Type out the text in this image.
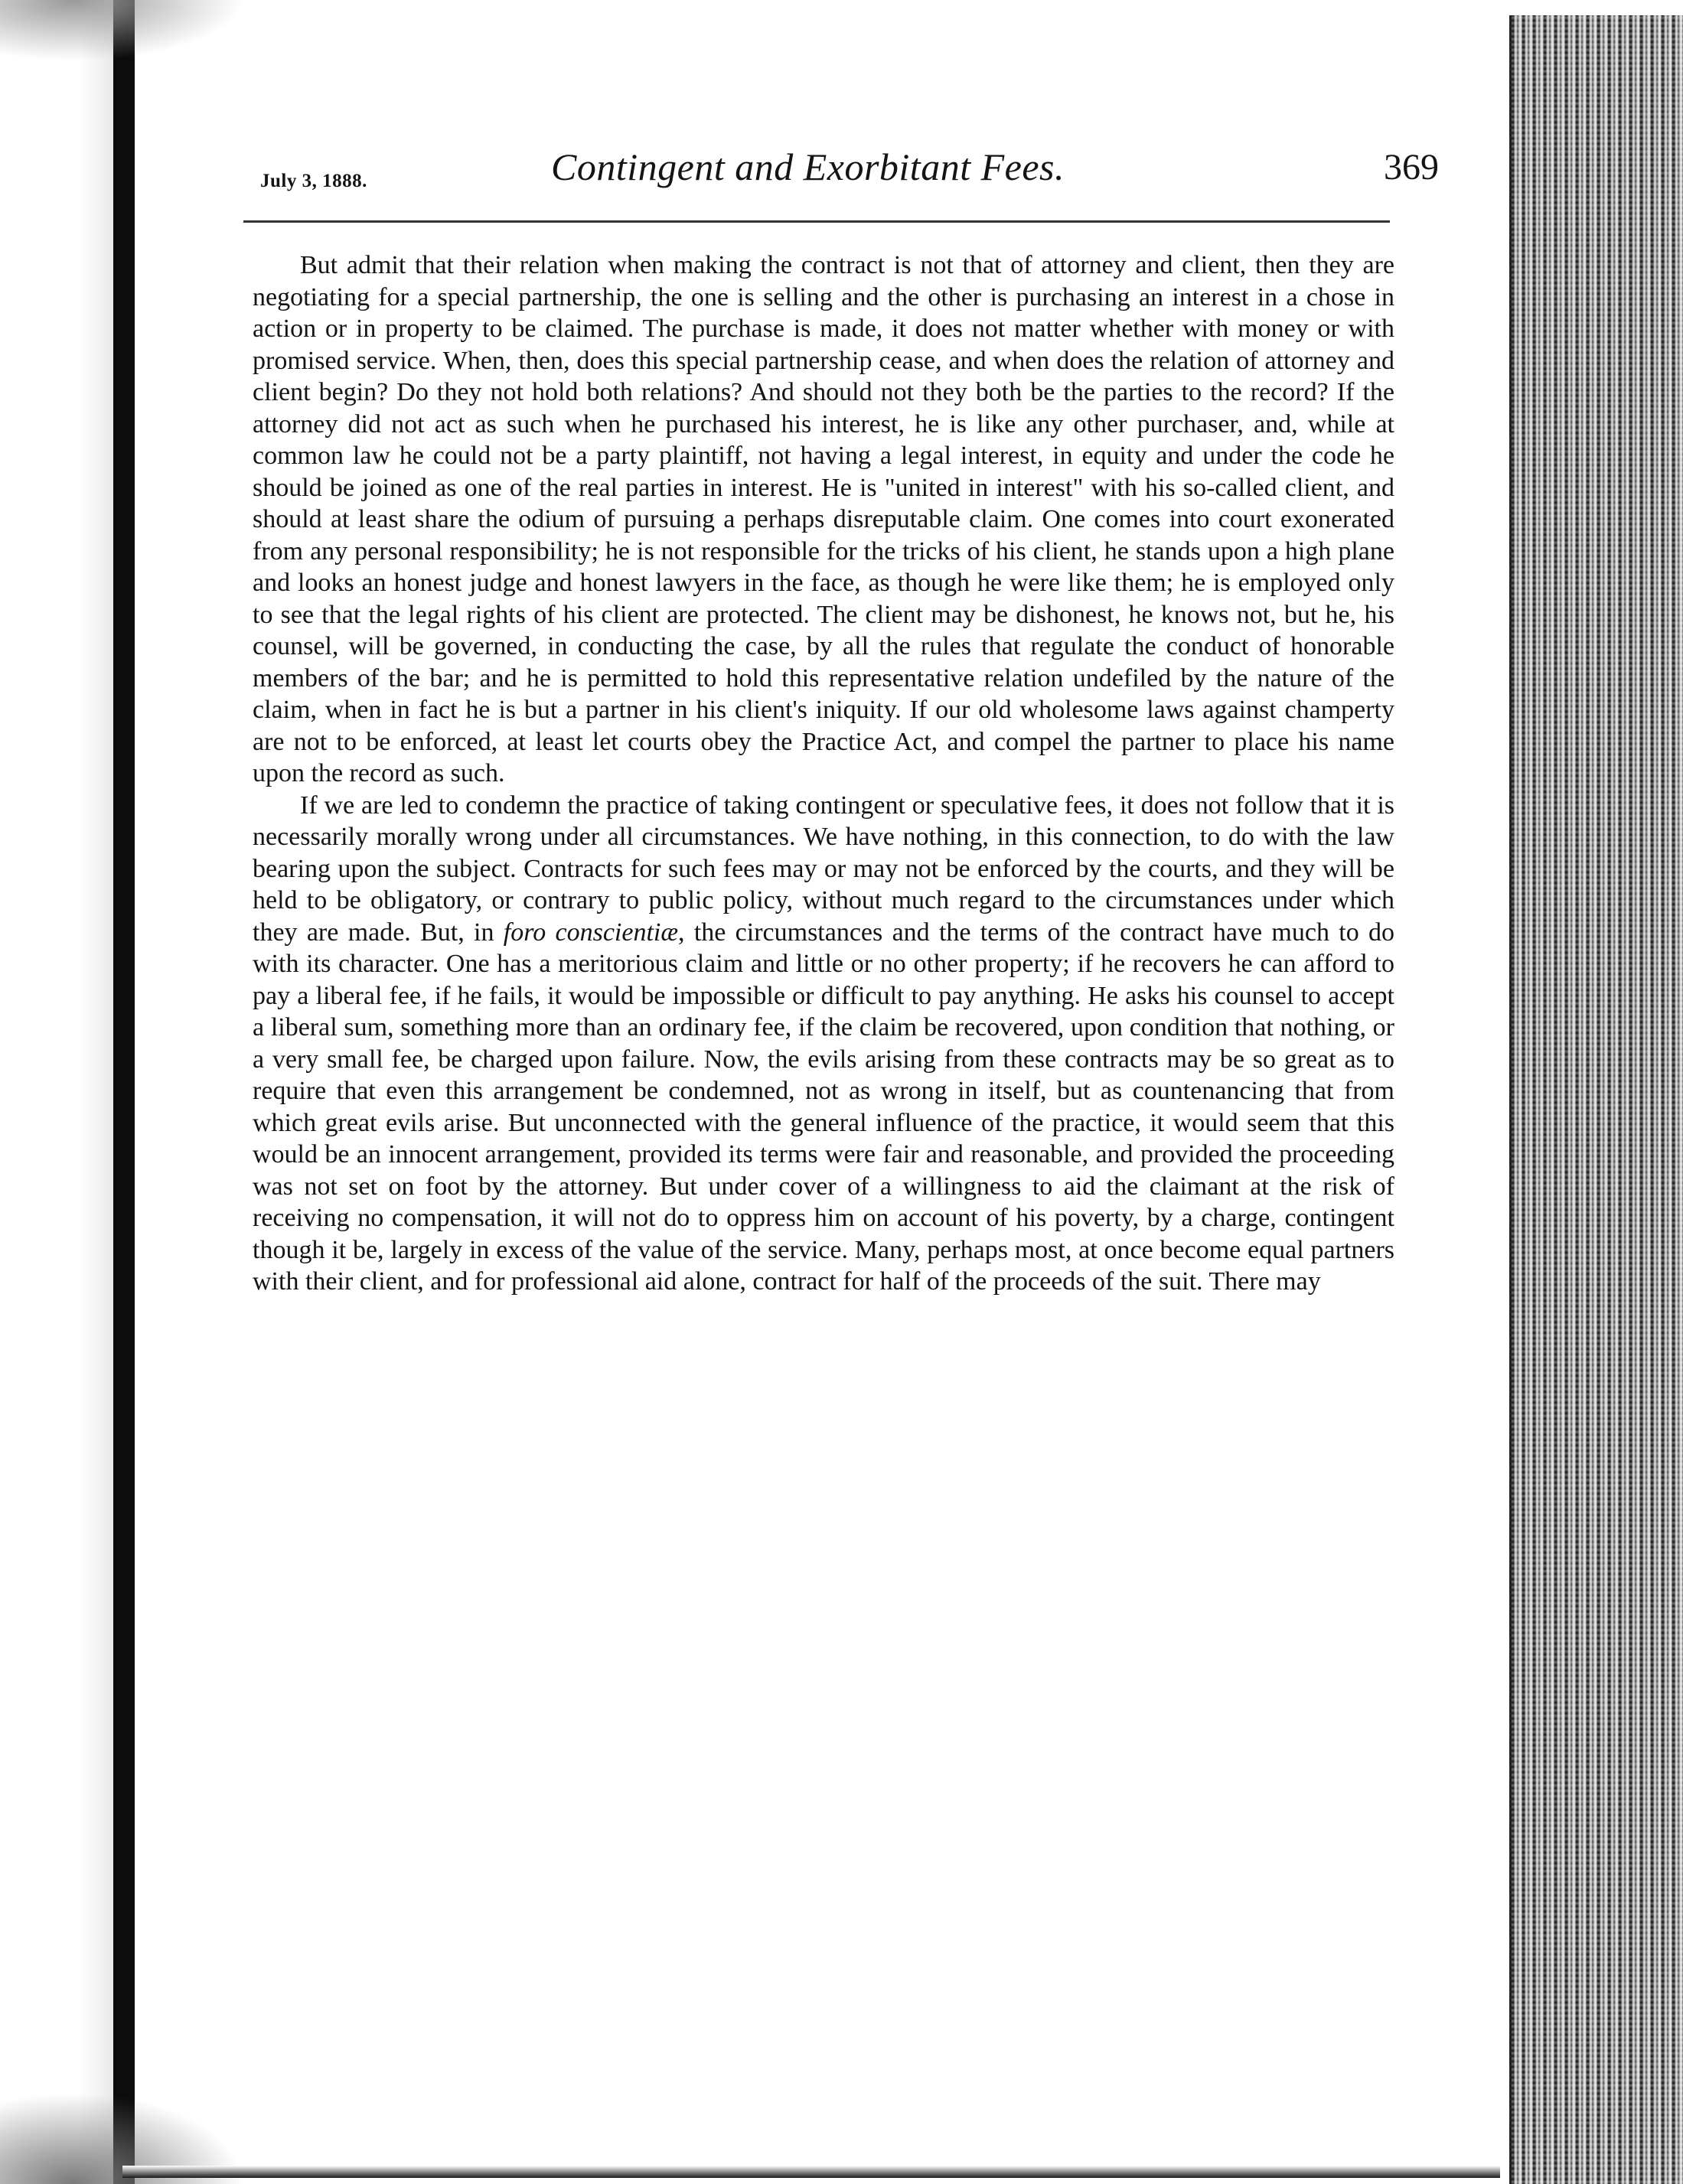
July 3, 1888.	Contingent and Exorbitant Fees.	369

But admit that their relation when making the contract is not that of attorney and client, then they are negotiating for a special partnership, the one is selling and the other is purchasing an interest in a chose in action or in property to be claimed. The purchase is made, it does not matter whether with money or with promised service. When, then, does this special partnership cease, and when does the relation of attorney and client begin? Do they not hold both relations? And should not they both be the parties to the record? If the attorney did not act as such when he purchased his interest, he is like any other purchaser, and, while at common law he could not be a party plaintiff, not having a legal interest, in equity and under the code he should be joined as one of the real parties in interest. He is "united in interest" with his so-called client, and should at least share the odium of pursuing a perhaps disreputable claim. One comes into court exonerated from any personal responsibility; he is not responsible for the tricks of his client, he stands upon a high plane and looks an honest judge and honest lawyers in the face, as though he were like them; he is employed only to see that the legal rights of his client are protected. The client may be dishonest, he knows not, but he, his counsel, will be governed, in conducting the case, by all the rules that regulate the conduct of honorable members of the bar; and he is permitted to hold this representative relation undefiled by the nature of the claim, when in fact he is but a partner in his client's iniquity. If our old wholesome laws against champerty are not to be enforced, at least let courts obey the Practice Act, and compel the partner to place his name upon the record as such.

If we are led to condemn the practice of taking contingent or speculative fees, it does not follow that it is necessarily morally wrong under all circumstances. We have nothing, in this connection, to do with the law bearing upon the subject. Contracts for such fees may or may not be enforced by the courts, and they will be held to be obligatory, or contrary to public policy, without much regard to the circumstances under which they are made. But, in foro conscientiæ, the circumstances and the terms of the contract have much to do with its character. One has a meritorious claim and little or no other property; if he recovers he can afford to pay a liberal fee, if he fails, it would be impossible or difficult to pay anything. He asks his counsel to accept a liberal sum, something more than an ordinary fee, if the claim be recovered, upon condition that nothing, or a very small fee, be charged upon failure. Now, the evils arising from these contracts may be so great as to require that even this arrangement be condemned, not as wrong in itself, but as countenancing that from which great evils arise. But unconnected with the general influence of the practice, it would seem that this would be an innocent arrangement, provided its terms were fair and reasonable, and provided the proceeding was not set on foot by the attorney. But under cover of a willingness to aid the claimant at the risk of receiving no compensation, it will not do to oppress him on account of his poverty, by a charge, contingent though it be, largely in excess of the value of the service. Many, perhaps most, at once become equal partners with their client, and for professional aid alone, contract for half of the proceeds of the suit. There may
